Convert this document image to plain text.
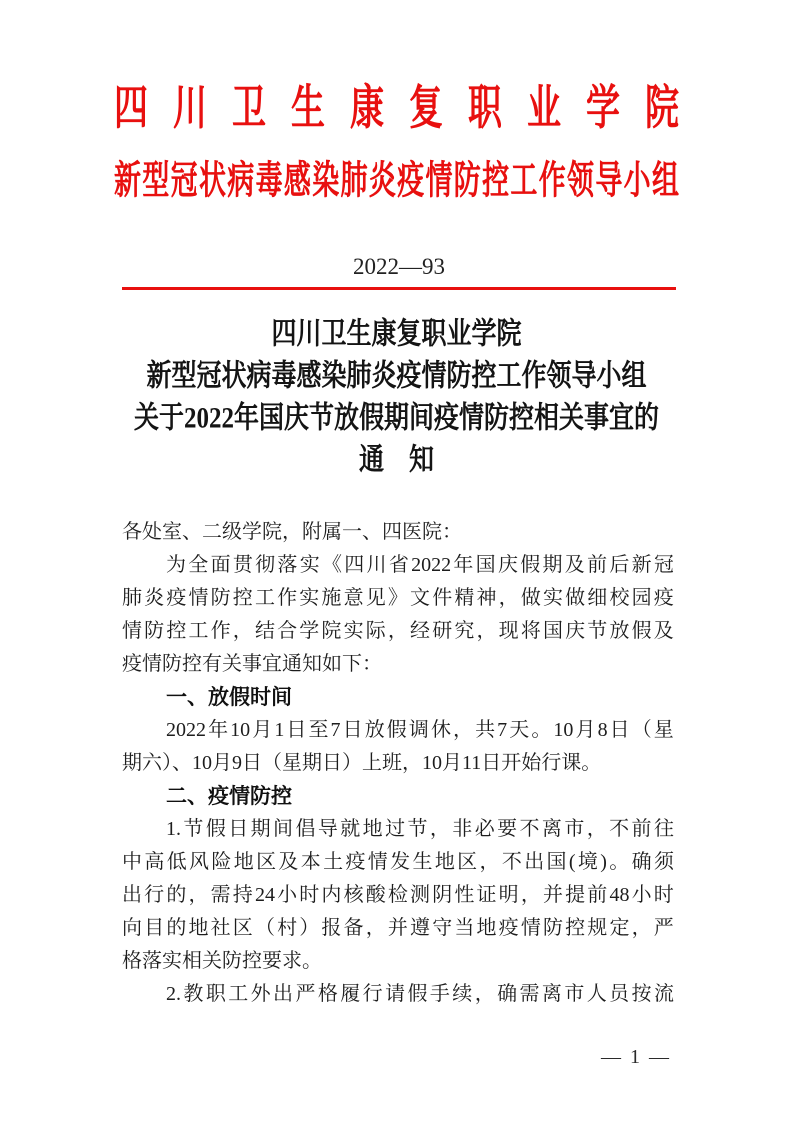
四 川 卫 生 康 复 职 业 学 院
新 型 冠 状 病 毒 感 染 肺 炎 疫 情 防 控 工 作 领 导 小 组
2022—93
四川卫生康复职业学院
新型冠状病毒感染肺炎疫情防控工作领导小组
关于2022年国庆节放假期间疫情防控相关事宜的
通　知
各处室、二级学院，附属一、四医院：
为 全 面 贯 彻 落 实 《 四 川 省 2022 年 国 庆 假 期 及 前 后 新 冠
肺 炎 疫 情 防 控 工 作 实 施 意 见 》 文 件 精 神 ， 做 实 做 细 校 园 疫
情 防 控 工 作 ， 结 合 学 院 实 际 ， 经 研 究 ， 现 将 国 庆 节 放 假 及
疫情防控有关事宜通知如下：
一、放假时间
2022 年 10 月 1 日 至 7 日 放 假 调 休 ， 共 7 天 。 10 月 8 日 （ 星
期六）、10月9日（星期日）上班，10月11日开始行课。
二、疫情防控
1. 节 假 日 期 间 倡 导 就 地 过 节 ， 非 必 要 不 离 市 ， 不 前 往
中 高 低 风 险 地 区 及 本 土 疫 情 发 生 地 区 ， 不 出 国 ( 境 ) 。 确 须
出 行 的 ， 需 持 24 小 时 内 核 酸 检 测 阴 性 证 明 ， 并 提 前 48 小 时
向 目 的 地 社 区 （ 村 ） 报 备 ， 并 遵 守 当 地 疫 情 防 控 规 定 ， 严
格落实相关防控要求。
2. 教 职 工 外 出 严 格 履 行 请 假 手 续 ， 确 需 离 市 人 员 按 流
— 1 —
